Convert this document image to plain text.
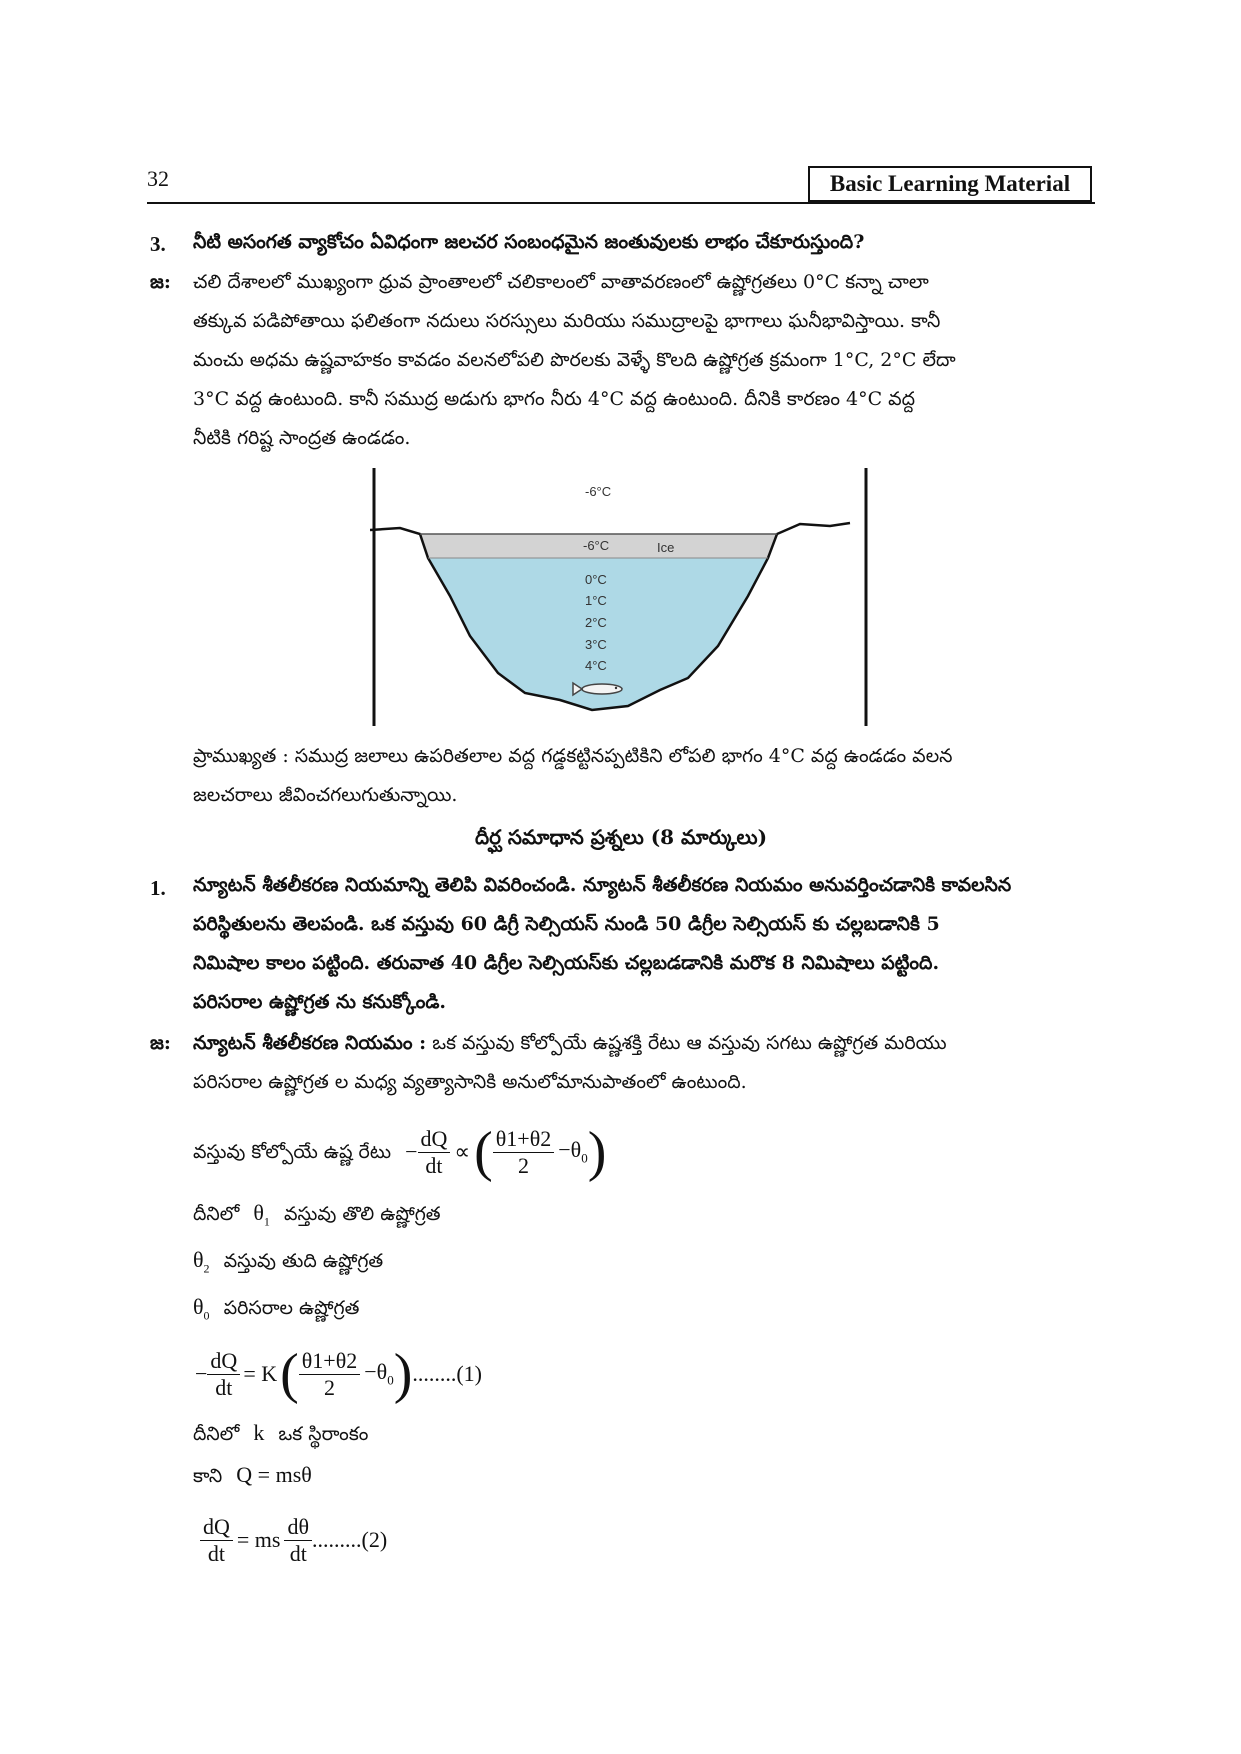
32	Basic Learning Material
3. నీటి అసంగత వ్యాకోచం ఏవిధంగా జలచర సంబంధమైన జంతువులకు లాభం చేకూరుస్తుంది?
జ: చలి దేశాలలో ముఖ్యంగా ధ్రువ ప్రాంతాలలో చలికాలంలో వాతావరణంలో ఉష్ణోగ్రతలు 0°C కన్నా చాలా
తక్కువ పడిపోతాయి ఫలితంగా నదులు సరస్సులు మరియు సముద్రాలపై భాగాలు ఘనీభావిస్తాయి. కానీ
మంచు అధమ ఉష్ణవాహకం కావడం వలనలోపలి పొరలకు వెళ్ళే కొలది ఉష్ణోగ్రత క్రమంగా 1°C, 2°C లేదా
3°C వద్ద ఉంటుంది. కానీ సముద్ర అడుగు భాగం నీరు 4°C వద్ద ఉంటుంది. దీనికి కారణం 4°C వద్ద
నీటికి గరిష్ట సాంద్రత ఉండడం.
-6°C
-6°C	Ice
0°C
1°C
2°C
3°C
4°C
ప్రాముఖ్యత : సముద్ర జలాలు ఉపరితలాల వద్ద గడ్డకట్టినప్పటికిని లోపలి భాగం 4°C వద్ద ఉండడం వలన
జలచరాలు జీవించగలుగుతున్నాయి.
దీర్ఘ సమాధాన ప్రశ్నలు (8 మార్కులు)
1. న్యూటన్ శీతలీకరణ నియమాన్ని తెలిపి వివరించండి. న్యూటన్ శీతలీకరణ నియమం అనువర్తించడానికి కావలసిన
పరిస్థితులను తెలపండి. ఒక వస్తువు 60 డిగ్రీ సెల్సియస్ నుండి 50 డిగ్రీల సెల్సియస్ కు చల్లబడానికి 5
నిమిషాల కాలం పట్టింది. తరువాత 40 డిగ్రీల సెల్సియస్‌కు చల్లబడడానికి మరొక 8 నిమిషాలు పట్టింది.
పరిసరాల ఉష్ణోగ్రత ను కనుక్కోండి.
జ: న్యూటన్ శీతలీకరణ నియమం : ఒక వస్తువు కోల్పోయే ఉష్ణశక్తి రేటు ఆ వస్తువు సగటు ఉష్ణోగ్రత మరియు
పరిసరాల ఉష్ణోగ్రత ల మధ్య వ్యత్యాసానికి అనులోమానుపాతంలో ఉంటుంది.
వస్తువు కోల్పోయే ఉష్ణ రేటు − $\frac{dQ}{dt}$ ∝ ( $\frac{\theta 1+\theta 2}{2} -\theta_0$ )
దీనిలో $\theta_1$ వస్తువు తొలి ఉష్ణోగ్రత
$\theta_2$ వస్తువు తుది ఉష్ణోగ్రత
$\theta_0$ పరిసరాల ఉష్ణోగ్రత
− $\frac{dQ}{dt} = K$ ( $\frac{\theta 1+\theta 2}{2} -\theta_0$ ) ........(1)
దీనిలో k ఒక స్థిరాంకం
కాని Q = msθ
$\frac{dQ}{dt}$ = ms $\frac{d\theta}{dt} .........(2)$
